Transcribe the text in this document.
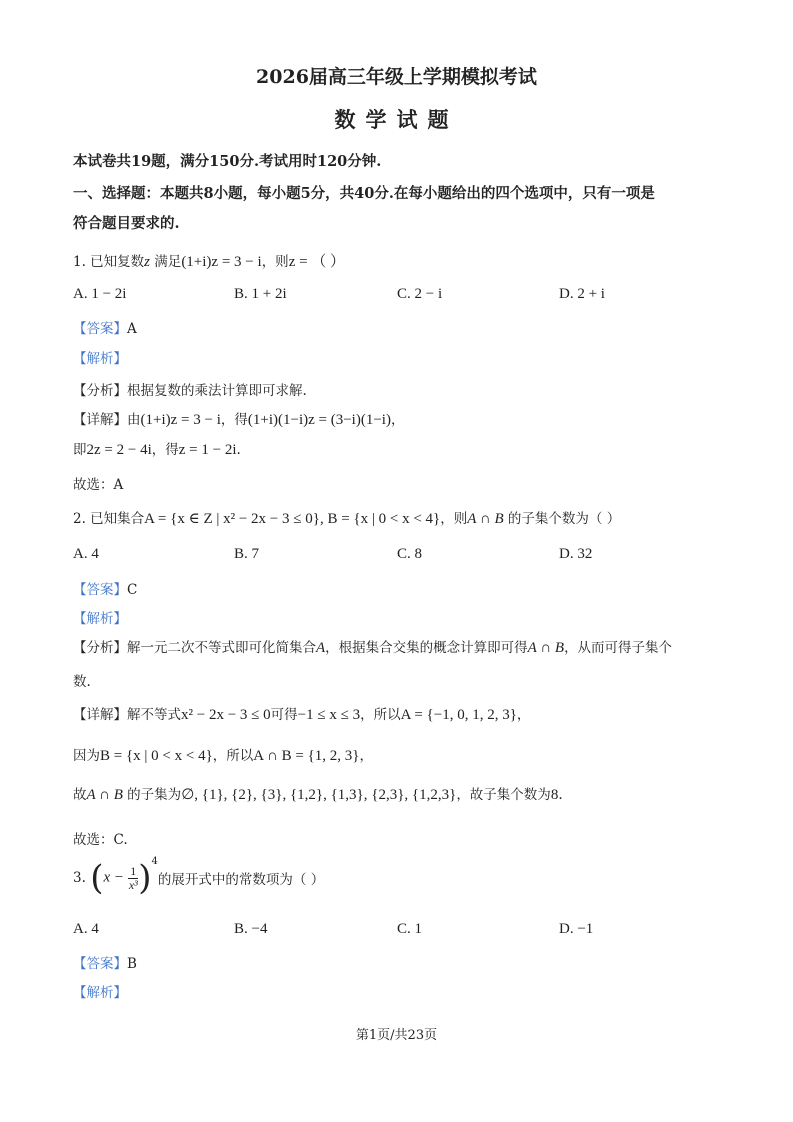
2026届高三年级上学期模拟考试
数学试题
本试卷共19题，满分150分.考试用时120分钟.
一、选择题：本题共8小题，每小题5分，共40分.在每小题给出的四个选项中，只有一项是
符合题目要求的.
1. 已知复数z 满足(1+i)z = 3 − i，则z = （ ）
A. 1 − 2i	B. 1 + 2i	C. 2 − i	D. 2 + i
【答案】A
【解析】
【分析】根据复数的乘法计算即可求解.
【详解】由(1+i)z = 3 − i，得(1+i)(1−i)z = (3−i)(1−i)，
即2z = 2 − 4i，得z = 1 − 2i.
故选：A
2. 已知集合A = {x ∈ Z | x² − 2x − 3 ≤ 0}, B = {x | 0 < x < 4}，则A ∩ B 的子集个数为（ ）
A. 4	B. 7	C. 8	D. 32
【答案】C
【解析】
【分析】解一元二次不等式即可化简集合A，根据集合交集的概念计算即可得A ∩ B，从而可得子集个
数.
【详解】解不等式x² − 2x − 3 ≤ 0可得−1 ≤ x ≤ 3，所以A = {−1, 0, 1, 2, 3}，
因为B = {x | 0 < x < 4}，所以A ∩ B = {1, 2, 3}，
故A ∩ B 的子集为∅, {1}, {2}, {3}, {1,2}, {1,3}, {2,3}, {1,2,3}，故子集个数为8.
故选：C.
3. $(x - \frac{1}{\text{x³}} )^4$的展开式中的常数项为（ ）
A. 4	B. −4	C. 1	D. −1
【答案】B
【解析】
第1页/共23页
